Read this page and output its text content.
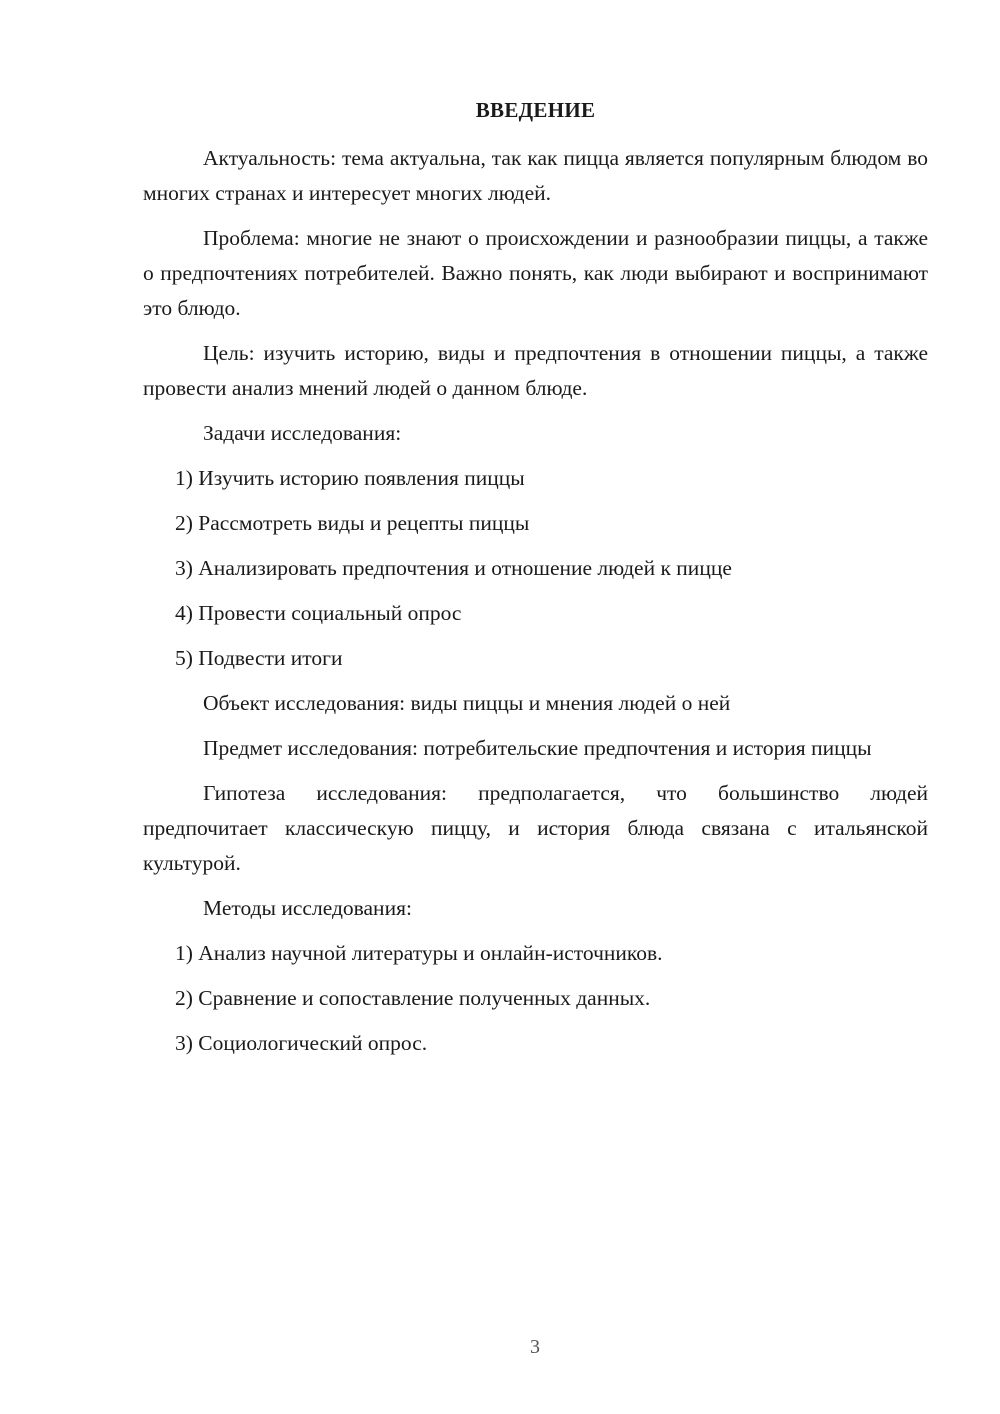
ВВЕДЕНИЕ

Актуальность: тема актуальна, так как пицца является популярным блюдом во многих странах и интересует многих людей.

Проблема: многие не знают о происхождении и разнообразии пиццы, а также о предпочтениях потребителей. Важно понять, как люди выбирают и воспринимают это блюдо.

Цель: изучить историю, виды и предпочтения в отношении пиццы, а также провести анализ мнений людей о данном блюде.

Задачи исследования:

1) Изучить историю появления пиццы

2) Рассмотреть виды и рецепты пиццы

3) Анализировать предпочтения и отношение людей к пицце

4) Провести социальный опрос

5) Подвести итоги

Объект исследования: виды пиццы и мнения людей о ней

Предмет исследования: потребительские предпочтения и история пиццы

Гипотеза исследования: предполагается, что большинство людей предпочитает классическую пиццу, и история блюда связана с итальянской культурой.

Методы исследования:

1) Анализ научной литературы и онлайн-источников.

2) Сравнение и сопоставление полученных данных.

3) Социологический опрос.

3
